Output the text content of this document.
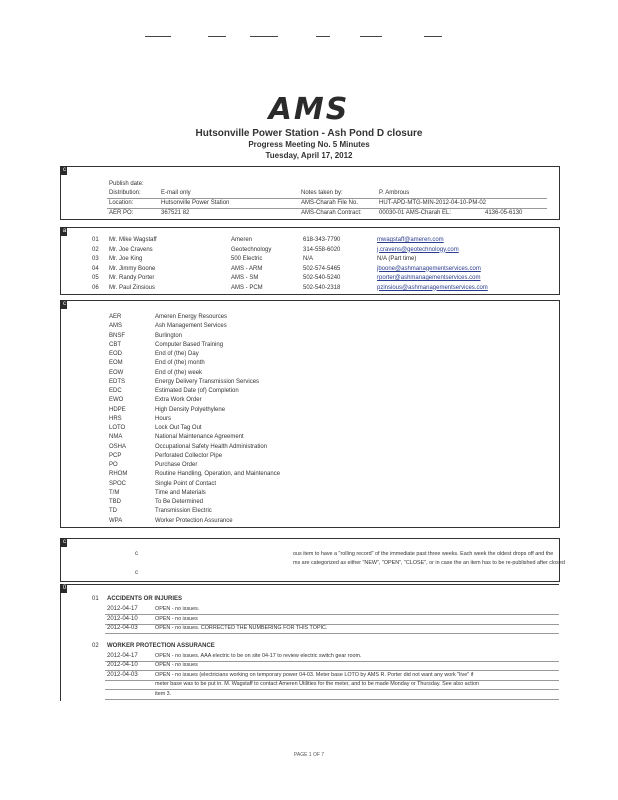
AMS
Hutsonville Power Station - Ash Pond D closure
Progress Meeting No. 5 Minutes
Tuesday, April 17, 2012
c
Publish date:
Distribution:	E-mail only	Notes taken by:	P. Ambrous
Location:	Hutsonville Power Station	AMS-Charah File No.	HUT-APD-MTG-MIN-2012-04-10-PM-02
AER PO:	367521 82	AMS-Charah Contract:	00030-01 AMS-Charah EL:	4136-05-6130
a
01 Mr. Mike Wagstaff	Ameren	618-343-7790	mwagstaff@ameren.com
02 Mr. Joe Cravens	Geotechnology	314-558-6020	j.cravens@geotechnology.com
03 Mr. Joe King	500 Electric	N/A	N/A (Part time)
04 Mr. Jimmy Boone	AMS - ARM	502-574-5465	jboone@ashmanagementservices.com
05 Mr. Randy Porter	AMS - SM	502-540-5240	rporter@ashmanagementservices.com
06 Mr. Paul Zinsious	AMS - PCM	502-540-2318	pzinsious@ashmanagementservices.com
c
AER	Ameren Energy Resources
AMS	Ash Management Services
BNSF	Burlington
CBT	Computer Based Training
EOD	End of (the) Day
EOM	End of (the) month
EOW	End of (the) week
EDTS	Energy Delivery Transmission Services
EDC	Estimated Date (of) Completion
EWO	Extra Work Order
HDPE	High Density Polyethylene
HRS	Hours
LOTO	Lock Out Tag Out
NMA	National Maintenance Agreement
OSHA	Occupational Safety Health Administration
PCP	Perforated Collector Pipe
PO	Purchase Order
RHOM	Routine Handling, Operation, and Maintenance
SPOC	Single Point of Contact
T/M	Time and Materials
TBD	To Be Determined
TD	Transmission Electric
WPA	Worker Protection Assurance
c
c	ous item to have a "rolling record" of the immediate past three weeks. Each week the oldest drops off and the
ms are categorized as either "NEW", "OPEN", "CLOSE", or in case the an item has to be re-published after closed
c
0
01 ACCIDENTS OR INJURIES
2012-04-17	OPEN - no issues.
2012-04-10	OPEN - no issues
2012-04-03	OPEN - no issues. CORRECTED THE NUMBERING FOR THIS TOPIC.
02 WORKER PROTECTION ASSURANCE
2012-04-17	OPEN - no issues. AAA electric to be on site 04-17 to review electric switch gear room.
2012-04-10	OPEN - no issues
2012-04-03	OPEN - no issues (electricians working on temporary power 04-03. Meter base LOTO by AMS R. Porter did not want any work "live" if
meter base was to be put in. M. Wagstaff to contact Ameren Utilities for the meter, and to be made Monday or Thursday. See also action
item 3.
PAGE 1 OF 7
